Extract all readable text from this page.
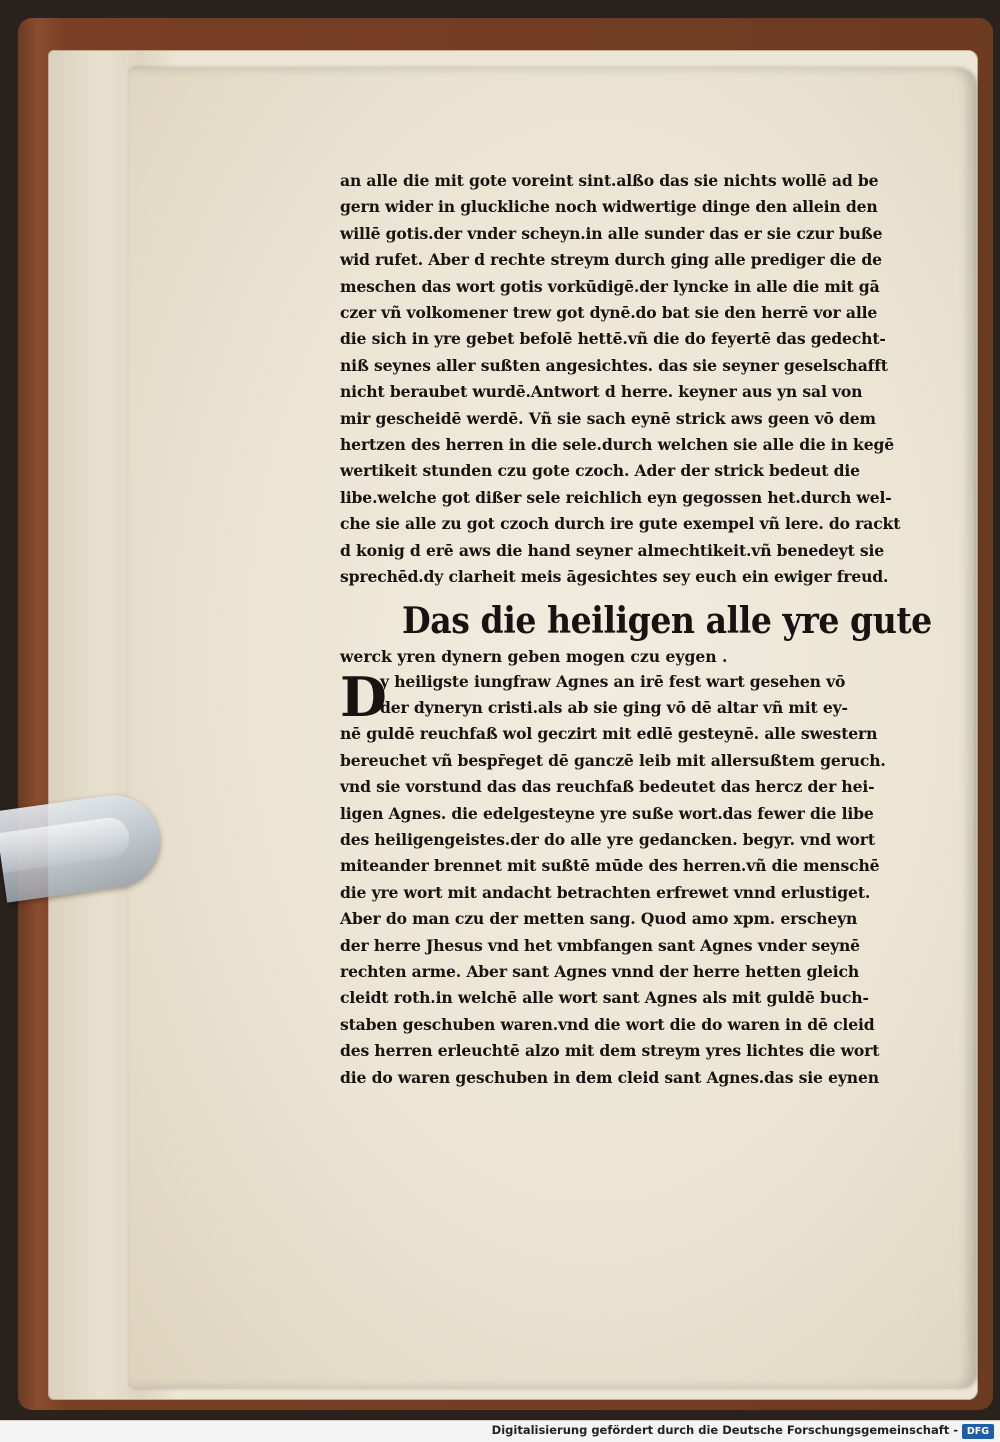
an alle die mit gote voreint sint.alßo das sie nichts wollē ad be
gern wider in gluckliche noch widwertige dinge den allein den
willē gotis.der vnder scheyn.in alle sunder das er sie czur buße
wid rufet. Aber d rechte streym durch ging alle prediger die de
meschen das wort gotis vorkūdigē.der lyncke in alle die mit gā
czer vñ volkomener trew got dynē.do bat sie den herrē vor alle
die sich in yre gebet befolē hettē.vñ die do feyertē das gedecht-
niß seynes aller sußten angesichtes. das sie seyner geselschafft
nicht beraubet wurdē.Antwort d herre. keyner aus yn sal von
mir gescheidē werdē. Vñ sie sach eynē strick aws geen vō dem
hertzen des herren in die sele.durch welchen sie alle die in kegē
wertikeit stunden czu gote czoch. Ader der strick bedeut die
libe.welche got dißer sele reichlich eyn gegossen het.durch wel-
che sie alle zu got czoch durch ire gute exempel vñ lere. do rackt
d konig d erē aws die hand seyner almechtikeit.vñ benedeyt sie
sprechēd.dy clarheit meis āgesichtes sey euch ein ewiger freud.
Das die heiligen alle yre gute
werck yren dynern geben mogen czu eygen .
D
y heiligste iungfraw Agnes an irē fest wart gesehen vō
der dyneryn cristi.als ab sie ging vō dē altar vñ mit ey-
nē guldē reuchfaß wol geczirt mit edlē gesteynē. alle swestern
bereuchet vñ bespr̄eget dē ganczē leib mit allersußtem geruch.
vnd sie vorstund das das reuchfaß bedeutet das hercz der hei-
ligen Agnes. die edelgesteyne yre suße wort.das fewer die libe
des heiligengeistes.der do alle yre gedancken. begyr. vnd wort
miteander brennet mit sußtē mūde des herren.vñ die menschē
die yre wort mit andacht betrachten erfrewet vnnd erlustiget.
Aber do man czu der metten sang. Quod amo xpm. erscheyn
der herre Jhesus vnd het vmbfangen sant Agnes vnder seynē
rechten arme. Aber sant Agnes vnnd der herre hetten gleich
cleidt roth.in welchē alle wort sant Agnes als mit guldē buch-
staben geschuben waren.vnd die wort die do waren in dē cleid
des herren erleuchtē alzo mit dem streym yres lichtes die wort
die do waren geschuben in dem cleid sant Agnes.das sie eynen
Digitalisierung gefördert durch die Deutsche Forschungsgemeinschaft - DFG
